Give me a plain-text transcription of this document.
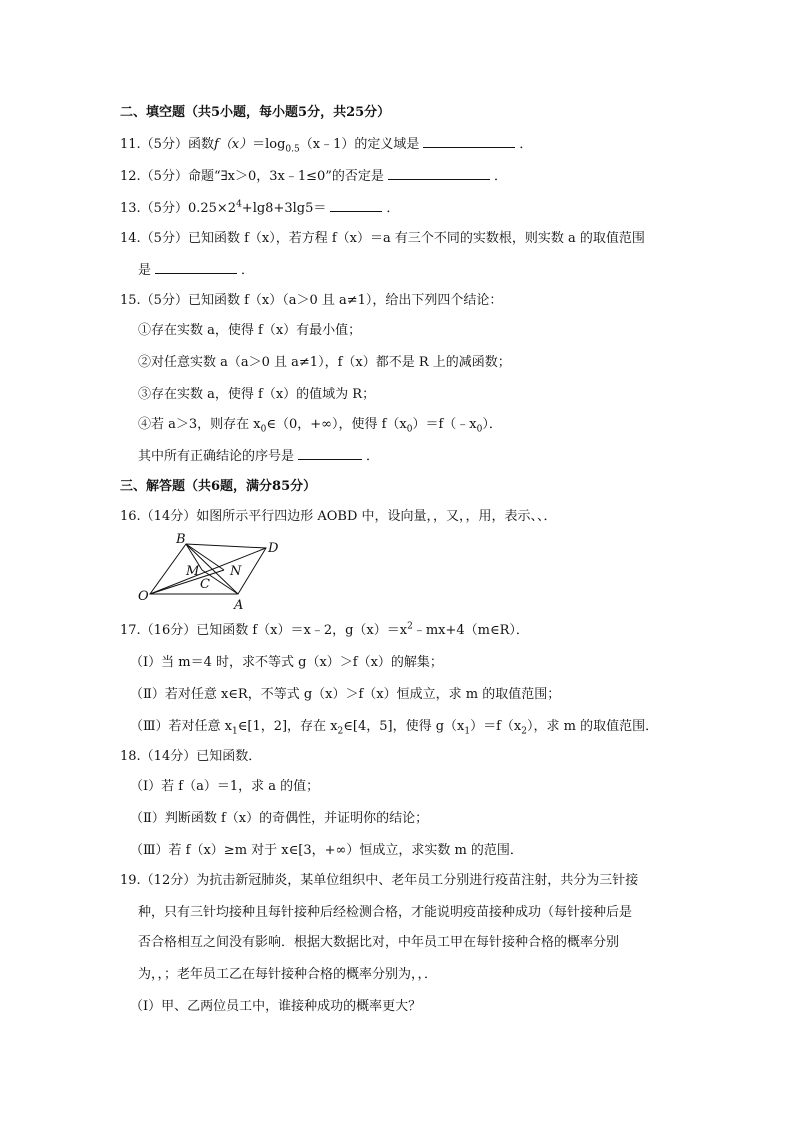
二、填空题（共5小题，每小题5分，共25分）
11.（5分）函数$f(x)=\log_{0.5}(x﹣1)$的定义域是	．
12.（5分）命题“∃x＞0，3x﹣1≤0”的否定是	．
13.（5分）$0.25\times 2^4+\lg 8+3\lg 5=$	．
14.（5分）已知函数 f（x），若方程 f（x）＝a 有三个不同的实数根，则实数 a 的取值范围
是	．
15.（5分）已知函数 f（x）（a＞0 且 a≠1），给出下列四个结论：
①存在实数 a，使得 f（x）有最小值；
②对任意实数 a（a＞0 且 a≠1），f（x）都不是 R 上的减函数；
③存在实数 a，使得 f（x）的值域为 R；
④若 a＞3，则存在 $x_0\in(0$，+∞），使得 $f(x_0)=f(﹣x_0)$．
其中所有正确结论的序号是	．
三、解答题（共6题，满分85分）
16.（14分）如图所示平行四边形 AOBD 中，设向量，，又，，用，表示、、．
B
D
M N
C
O
A
17.（16分）已知函数 f（x）＝x﹣2，$g(x)=x^2﹣mx+4(m\in R)$．
（Ⅰ）当 m＝4 时，求不等式 g（x）＞f（x）的解集；
（Ⅱ）若对任意 x∈R，不等式 g（x）＞f（x）恒成立，求 m 的取值范围；
（Ⅲ）若对任意 $x_1\in[1$，2]，存在 $x_2\in[4$，5]，使得 $g(x_1)=f(x_2)$，求 m 的取值范围．
18.（14分）已知函数．
（Ⅰ）若 f（a）＝1，求 a 的值；
（Ⅱ）判断函数 f（x）的奇偶性，并证明你的结论；
（Ⅲ）若 f（x）≥m 对于 x∈[3，+∞）恒成立，求实数 m 的范围．
19.（12分）为抗击新冠肺炎，某单位组织中、老年员工分别进行疫苗注射，共分为三针接
种，只有三针均接种且每针接种后经检测合格，才能说明疫苗接种成功（每针接种后是
否合格相互之间没有影响．根据大数据比对，中年员工甲在每针接种合格的概率分别
为，，；老年员工乙在每针接种合格的概率分别为，，．
（Ⅰ）甲、乙两位员工中，谁接种成功的概率更大？
